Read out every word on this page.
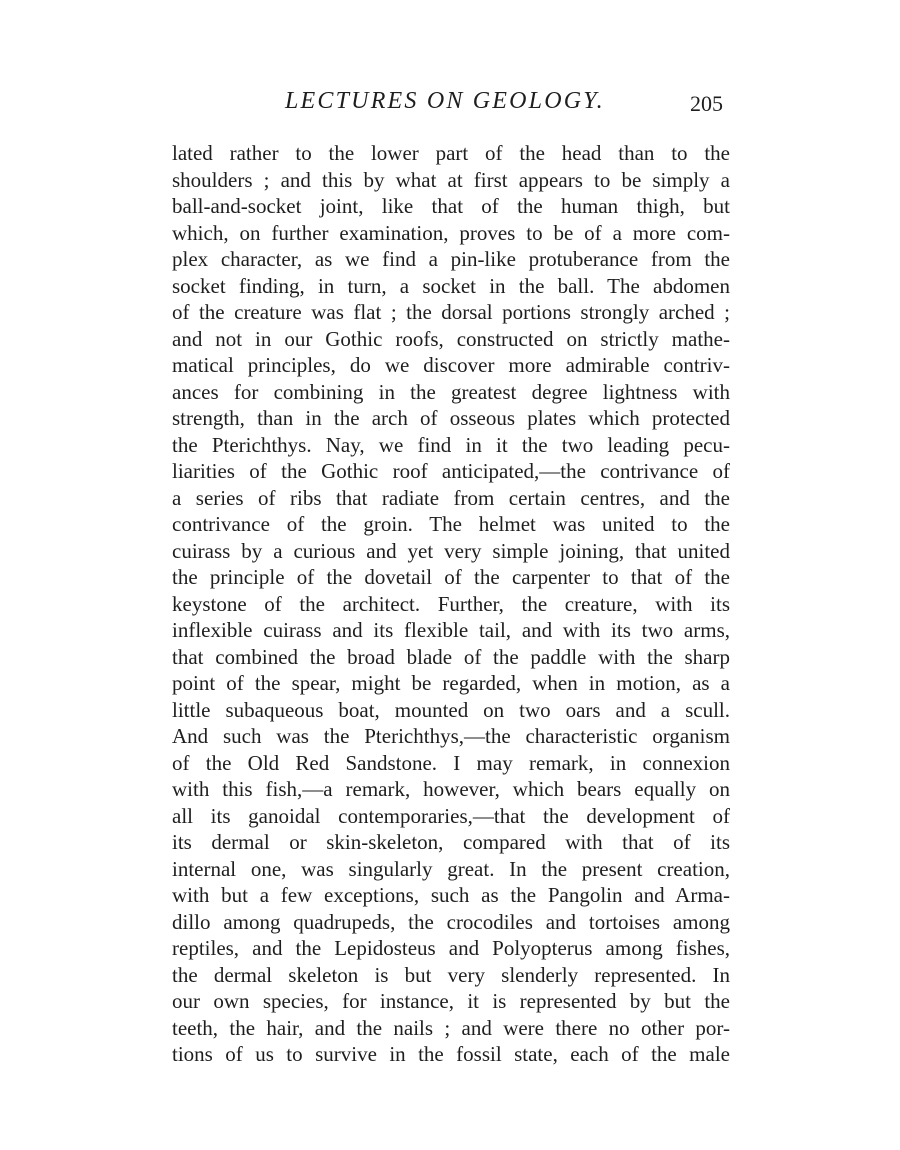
LECTURES ON GEOLOGY.	205
lated rather to the lower part of the head than to the
shoulders ; and this by what at first appears to be simply a
ball-and-socket joint, like that of the human thigh, but
which, on further examination, proves to be of a more com-
plex character, as we find a pin-like protuberance from the
socket finding, in turn, a socket in the ball. The abdomen
of the creature was flat ; the dorsal portions strongly arched ;
and not in our Gothic roofs, constructed on strictly mathe-
matical principles, do we discover more admirable contriv-
ances for combining in the greatest degree lightness with
strength, than in the arch of osseous plates which protected
the Pterichthys. Nay, we find in it the two leading pecu-
liarities of the Gothic roof anticipated,—the contrivance of
a series of ribs that radiate from certain centres, and the
contrivance of the groin. The helmet was united to the
cuirass by a curious and yet very simple joining, that united
the principle of the dovetail of the carpenter to that of the
keystone of the architect. Further, the creature, with its
inflexible cuirass and its flexible tail, and with its two arms,
that combined the broad blade of the paddle with the sharp
point of the spear, might be regarded, when in motion, as a
little subaqueous boat, mounted on two oars and a scull.
And such was the Pterichthys,—the characteristic organism
of the Old Red Sandstone. I may remark, in connexion
with this fish,—a remark, however, which bears equally on
all its ganoidal contemporaries,—that the development of
its dermal or skin-skeleton, compared with that of its
internal one, was singularly great. In the present creation,
with but a few exceptions, such as the Pangolin and Arma-
dillo among quadrupeds, the crocodiles and tortoises among
reptiles, and the Lepidosteus and Polyopterus among fishes,
the dermal skeleton is but very slenderly represented. In
our own species, for instance, it is represented by but the
teeth, the hair, and the nails ; and were there no other por-
tions of us to survive in the fossil state, each of the male
